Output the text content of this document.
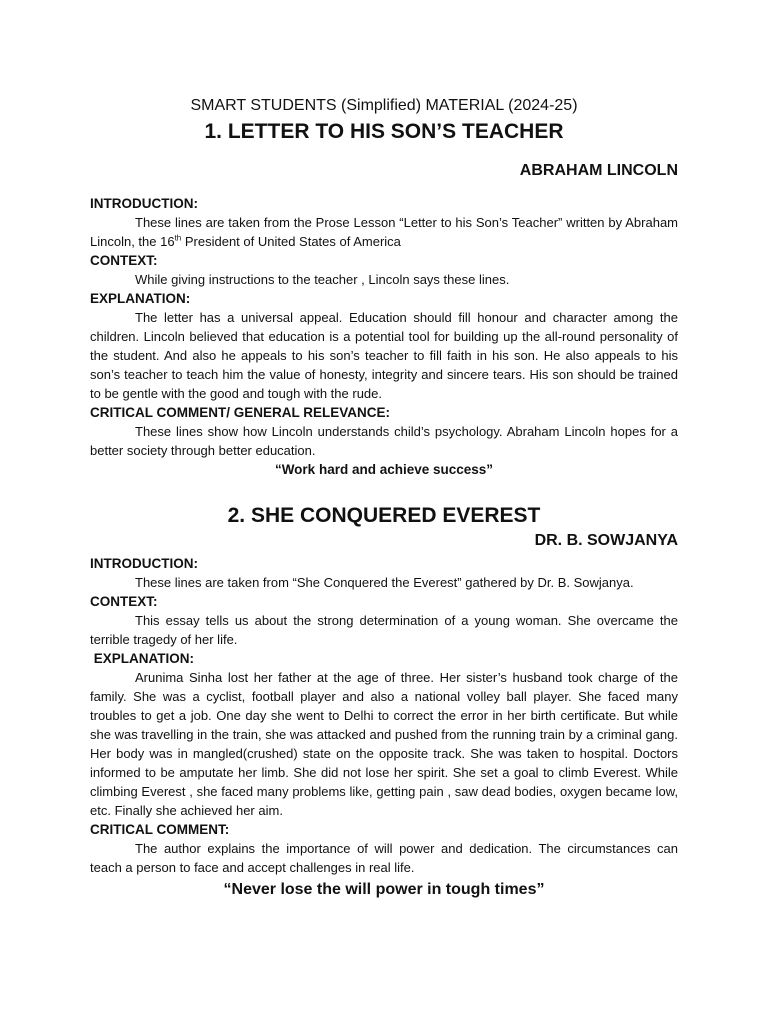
SMART STUDENTS (Simplified) MATERIAL (2024-25)
1. LETTER TO HIS SON’S TEACHER
ABRAHAM LINCOLN
INTRODUCTION:

These lines are taken from the Prose Lesson “Letter to his Son’s Teacher” written by Abraham Lincoln, the 16th President of United States of America

CONTEXT:

While giving instructions to the teacher , Lincoln says these lines.

EXPLANATION:

The letter has a universal appeal. Education should fill honour and character among the children. Lincoln believed that education is a potential tool for building up the all-round personality of the student. And also he appeals to his son’s teacher to fill faith in his son. He also appeals to his son’s teacher to teach him the value of honesty, integrity and sincere tears. His son should be trained to be gentle with the good and tough with the rude.

CRITICAL COMMENT/ GENERAL RELEVANCE:

These lines show how Lincoln understands child’s psychology. Abraham Lincoln hopes for a better society through better education.

“Work hard and achieve success”
2. SHE CONQUERED EVEREST
DR. B. SOWJANYA
INTRODUCTION:

These lines are taken from “She Conquered the Everest” gathered by Dr. B. Sowjanya.

CONTEXT:

This essay tells us about the strong determination of a young woman. She overcame the terrible tragedy of her life.

EXPLANATION:

Arunima Sinha lost her father at the age of three. Her sister’s husband took charge of the family. She was a cyclist, football player and also a national volley ball player. She faced many troubles to get a job. One day she went to Delhi to correct the error in her birth certificate. But while she was travelling in the train, she was attacked and pushed from the running train by a criminal gang. Her body was in mangled(crushed) state on the opposite track. She was taken to hospital. Doctors informed to be amputate her limb. She did not lose her spirit. She set a goal to climb Everest. While climbing Everest , she faced many problems like, getting pain , saw dead bodies, oxygen became low, etc. Finally she achieved her aim.

CRITICAL COMMENT:

The author explains the importance of will power and dedication. The circumstances can teach a person to face and accept challenges in real life.

“Never lose the will power in tough times”
